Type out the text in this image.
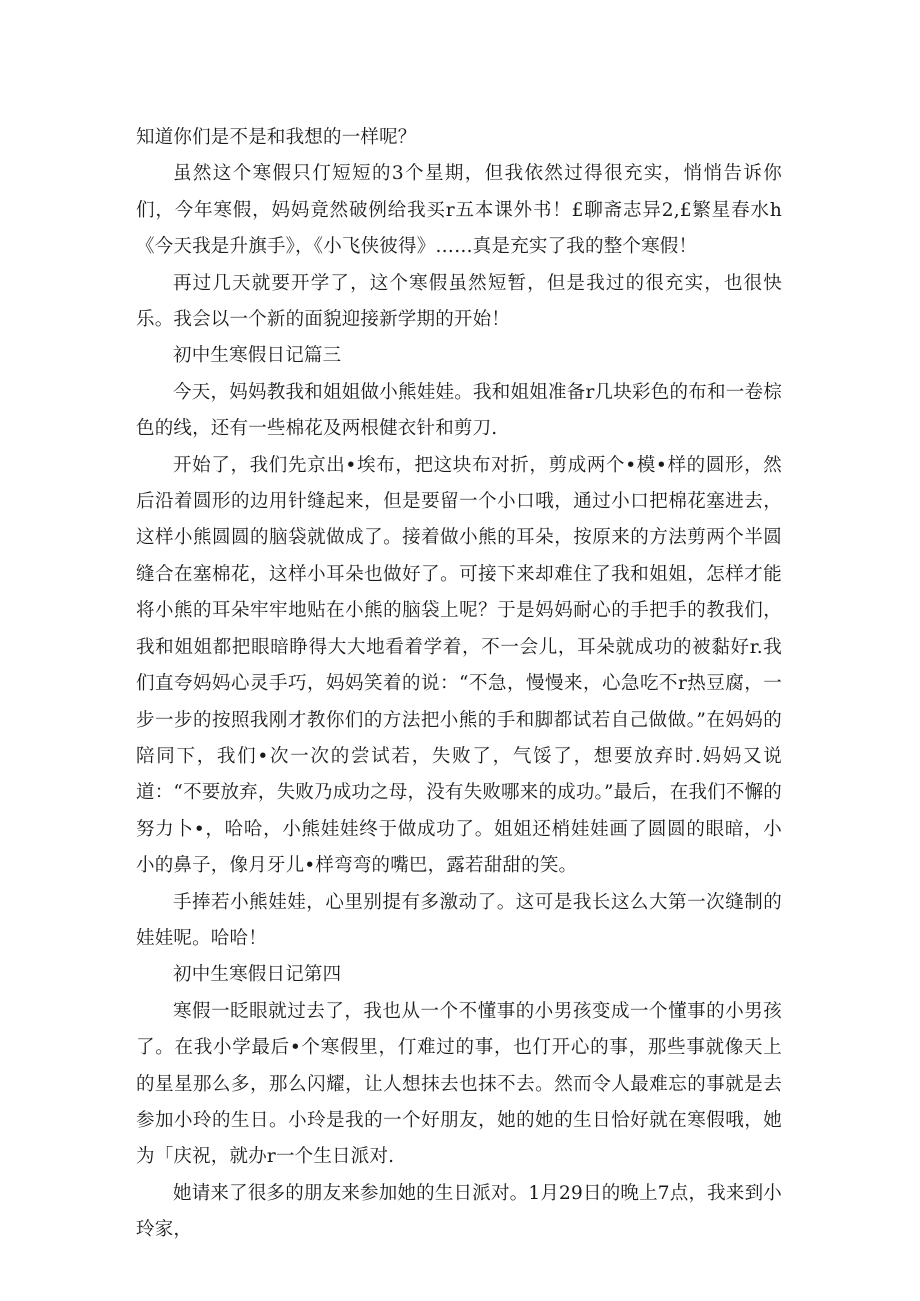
知道你们是不是和我想的一样呢？

虽然这个寒假只仃短短的3个星期，但我依然过得很充实，悄悄告诉你们，今年寒假，妈妈竟然破例给我买r五本课外书！£聊斋志异2,£繁星春水h《今天我是升旗手》，《小飞侠彼得》……真是充实了我的整个寒假！

再过几天就要开学了，这个寒假虽然短暂，但是我过的很充实，也很快乐。我会以一个新的面貌迎接新学期的开始！

初中生寒假日记篇三

今天，妈妈教我和姐姐做小熊娃娃。我和姐姐准备r几块彩色的布和一卷棕色的线，还有一些棉花及两根健衣针和剪刀.

开始了，我们先京出•埃布，把这块布对折，剪成两个•模•样的圆形，然后沿着圆形的边用针缝起来，但是要留一个小口哦，通过小口把棉花塞进去，这样小熊圆圆的脑袋就做成了。接着做小熊的耳朵，按原来的方法剪两个半圆缝合在塞棉花，这样小耳朵也做好了。可接下来却难住了我和姐姐，怎样才能将小熊的耳朵牢牢地贴在小熊的脑袋上呢？于是妈妈耐心的手把手的教我们，我和姐姐都把眼暗睁得大大地看着学着，不一会儿，耳朵就成功的被黏好r.我们直夸妈妈心灵手巧，妈妈笑着的说：“不急，慢慢来，心急吃不r热豆腐，一步一步的按照我刚才教你们的方法把小熊的手和脚都试若自己做做。”在妈妈的陪同下，我们•次一次的尝试若，失败了，气馁了，想要放弃时.妈妈又说道：“不要放弃，失败乃成功之母，没有失败哪来的成功。”最后，在我们不懈的努力卜•，哈哈，小熊娃娃终于做成功了。姐姐还梢娃娃画了圆圆的眼暗，小小的鼻子，像月牙儿•样弯弯的嘴巴，露若甜甜的笑。

手捧若小熊娃娃，心里别提有多激动了。这可是我长这么大第一次缝制的娃娃呢。哈哈！

初中生寒假日记第四

寒假一眨眼就过去了，我也从一个不懂事的小男孩变成一个懂事的小男孩了。在我小学最后•个寒假里，仃难过的事，也仃开心的事，那些事就像天上的星星那么多，那么闪耀，让人想抹去也抹不去。然而令人最难忘的事就是去参加小玲的生日。小玲是我的一个好朋友，她的她的生日恰好就在寒假哦，她为「庆祝，就办r一个生日派对.

她请来了很多的朋友来参加她的生日派对。1月29日的晚上7点，我来到小玲家，
